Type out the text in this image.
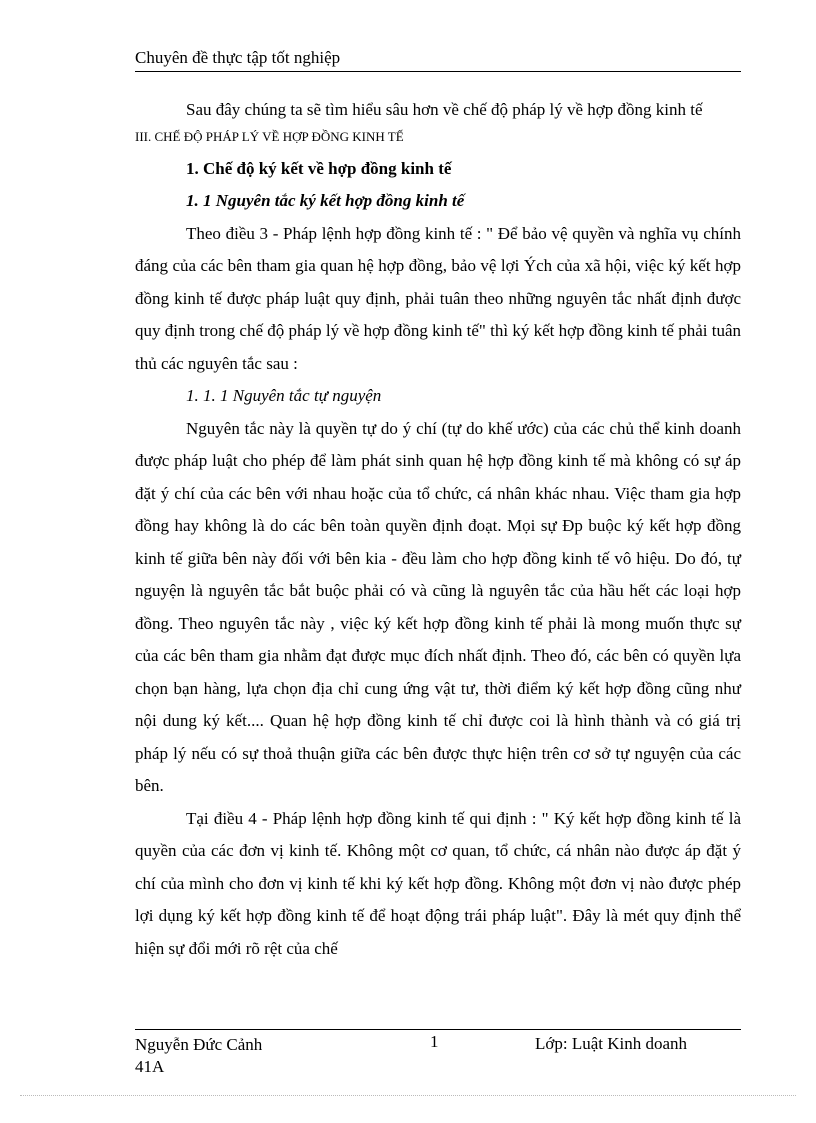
Chuyên đề thực tập tốt nghiệp

Sau đây chúng ta sẽ tìm hiểu sâu hơn về chế độ pháp lý về hợp đồng kinh tế

III. CHẾ ĐỘ PHÁP LÝ VỀ HỢP ĐỒNG KINH TẾ

1. Chế độ ký kết về hợp đồng kinh tế

1. 1 Nguyên tắc ký kết hợp đồng kinh tế

Theo điều 3 - Pháp lệnh hợp đồng kinh tế : " Để bảo vệ quyền và nghĩa vụ chính đáng của các bên tham gia quan hệ hợp đồng, bảo vệ lợi Ých của xã hội, việc ký kết hợp đồng kinh tế được pháp luật quy định, phải tuân theo những nguyên tắc nhất định được quy định trong chế độ pháp lý về hợp đồng kinh tế" thì ký kết hợp đồng kinh tế phải tuân thủ các nguyên tắc sau :

1. 1. 1 Nguyên tắc tự nguyện

Nguyên tắc này là quyền tự do ý chí (tự do khế ước) của các chủ thể kinh doanh được pháp luật cho phép để làm phát sinh quan hệ hợp đồng kinh tế mà không có sự áp đặt ý chí của các bên với nhau hoặc của tổ chức, cá nhân khác nhau. Việc tham gia hợp đồng hay không là do các bên toàn quyền định đoạt. Mọi sự Đp buộc ký kết hợp đồng kinh tế giữa bên này đối với bên kia - đều làm cho hợp đồng kinh tế vô hiệu. Do đó, tự nguyện là nguyên tắc bắt buộc phải có và cũng là nguyên tắc của hầu hết các loại hợp đồng. Theo nguyên tắc này , việc ký kết hợp đồng kinh tế phải là mong muốn thực sự của các bên tham gia nhằm đạt được mục đích nhất định. Theo đó, các bên có quyền lựa chọn bạn hàng, lựa chọn địa chỉ cung ứng vật tư, thời điểm ký kết hợp đồng cũng như nội dung ký kết.... Quan hệ hợp đồng kinh tế chỉ được coi là hình thành và có giá trị pháp lý nếu có sự thoả thuận giữa các bên được thực hiện trên cơ sở tự nguyện của các bên.

Tại điều 4 - Pháp lệnh hợp đồng kinh tế qui định : " Ký kết hợp đồng kinh tế là quyền của các đơn vị kinh tế. Không một cơ quan, tổ chức, cá nhân nào được áp đặt ý chí của mình cho đơn vị kinh tế khi ký kết hợp đồng. Không một đơn vị nào được phép lợi dụng ký kết hợp đồng kinh tế để hoạt động trái pháp luật". Đây là mét quy định thể hiện sự đổi mới rõ rệt của chế

Nguyễn Đức Cảnh 41A
1	Lớp: Luật Kinh doanh
